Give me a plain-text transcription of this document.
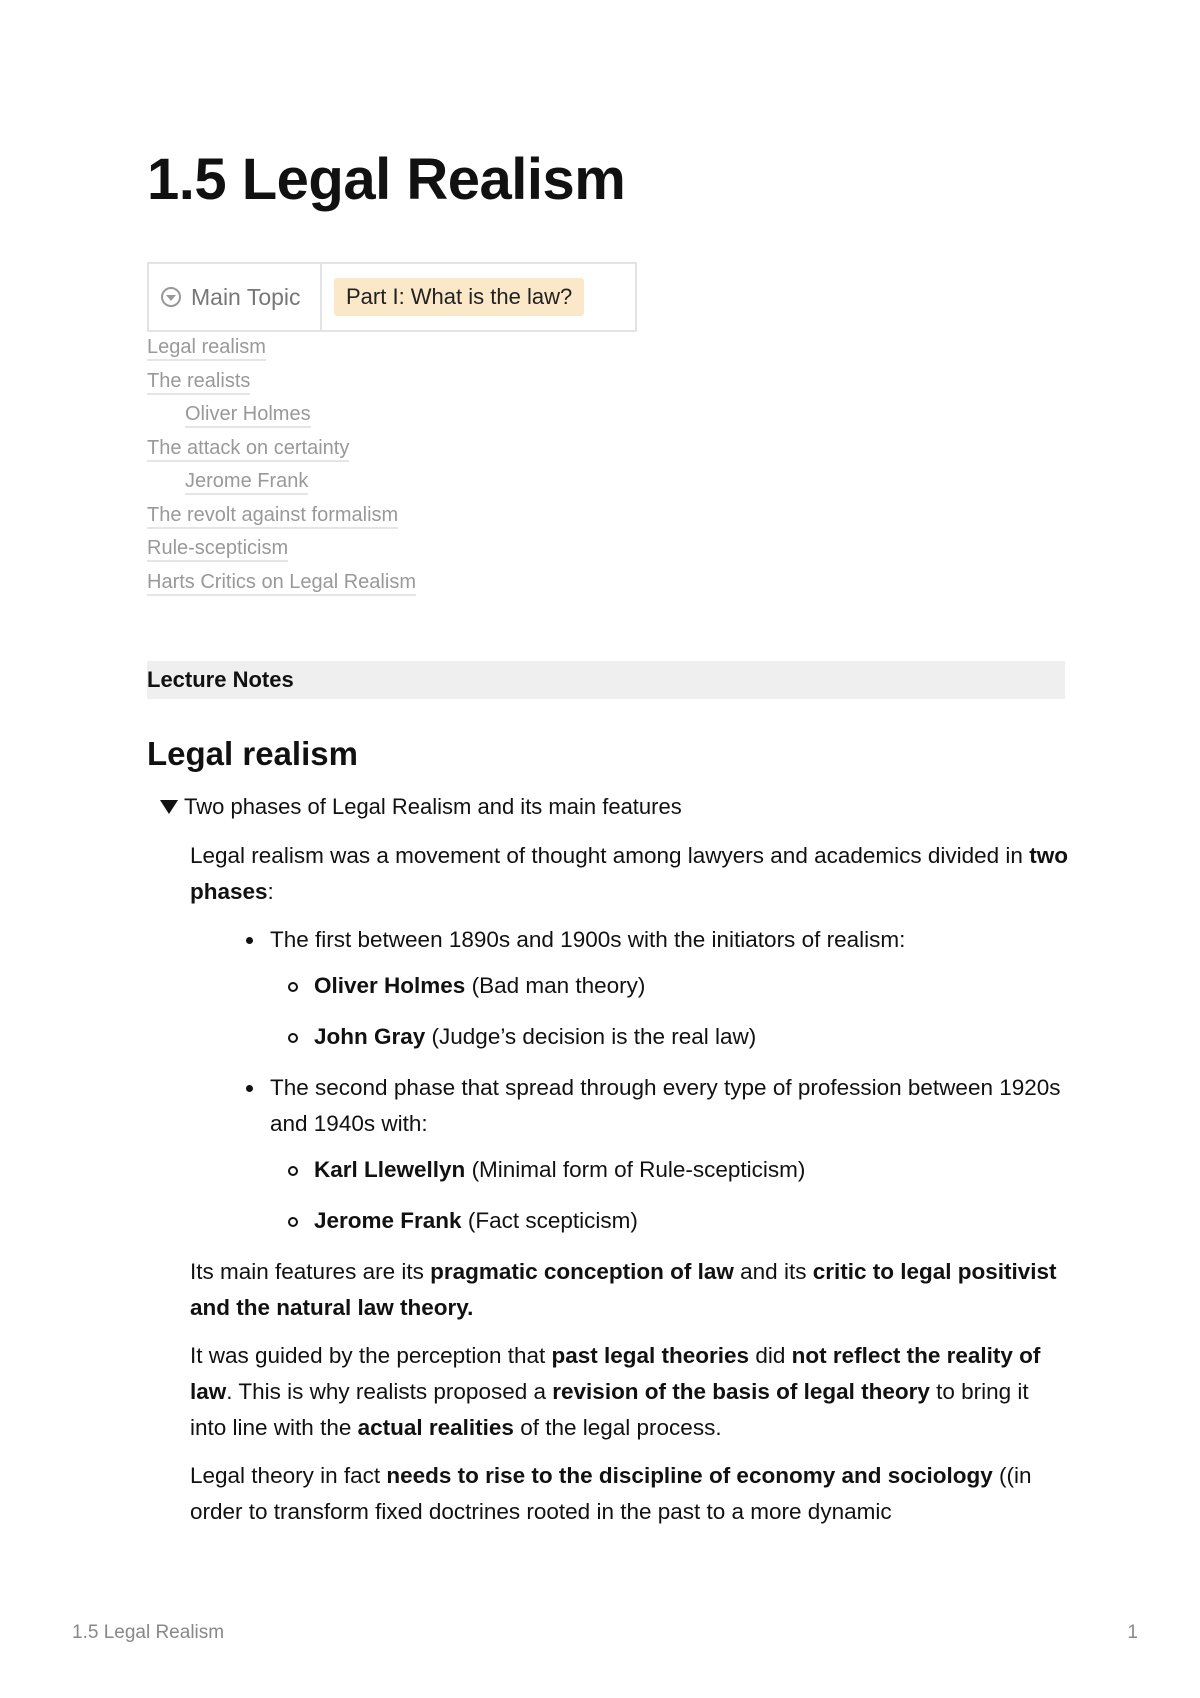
1.5 Legal Realism
Main Topic	Part I: What is the law?
Legal realism
The realists
Oliver Holmes
The attack on certainty
Jerome Frank
The revolt against formalism
Rule-scepticism
Harts Critics on Legal Realism
Lecture Notes
Legal realism
Two phases of Legal Realism and its main features

Legal realism was a movement of thought among lawyers and academics divided in two phases:

The first between 1890s and 1900s with the initiators of realism:
Oliver Holmes (Bad man theory)
John Gray (Judge’s decision is the real law)
The second phase that spread through every type of profession between 1920s and 1940s with:
Karl Llewellyn (Minimal form of Rule-scepticism)
Jerome Frank (Fact scepticism)

Its main features are its pragmatic conception of law and its critic to legal positivist and the natural law theory.

It was guided by the perception that past legal theories did not reflect the reality of law. This is why realists proposed a revision of the basis of legal theory to bring it into line with the actual realities of the legal process.

Legal theory in fact needs to rise to the discipline of economy and sociology ((in order to transform fixed doctrines rooted in the past to a more dynamic

1.5 Legal Realism	1
